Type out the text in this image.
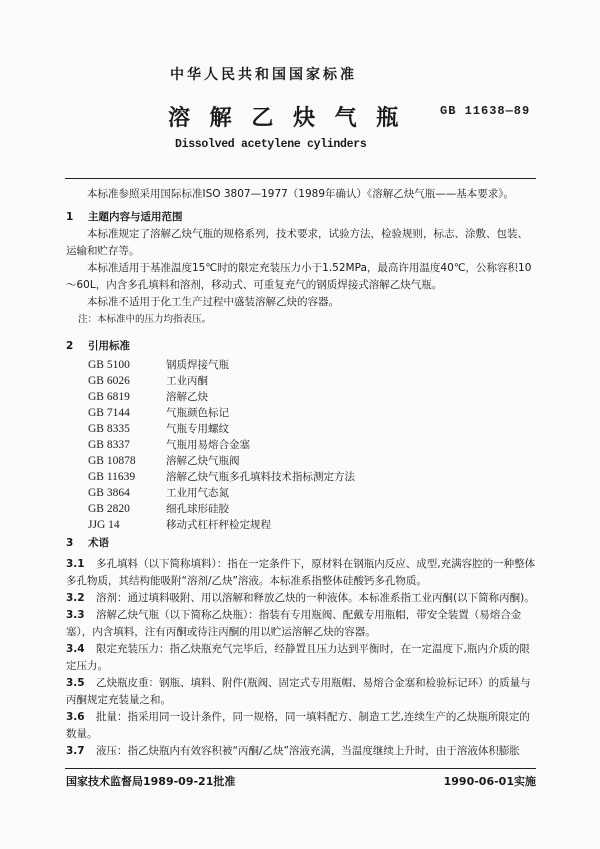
中华人民共和国国家标准
溶 解 乙 炔 气 瓶	GB 11638—89
Dissolved acetylene cylinders

本标准参照采用国际标准ISO 3807—1977（1989年确认）《溶解乙炔气瓶——基本要求》。

1 主题内容与适用范围

本标准规定了溶解乙炔气瓶的规格系列，技术要求，试验方法，检验规则，标志、涂敷、包装、运输和贮存等。

本标准适用于基准温度15℃时的限定充装压力小于1.52MPa，最高许用温度40℃，公称容积10～60L，内含多孔填料和溶剂，移动式、可重复充气的钢质焊接式溶解乙炔气瓶。

本标准不适用于化工生产过程中盛装溶解乙炔的容器。

注：本标准中的压力均指表压。

2 引用标准

GB 5100	钢质焊接气瓶
GB 6026	工业丙酮
GB 6819	溶解乙炔
GB 7144	气瓶颜色标记
GB 8335	气瓶专用螺纹
GB 8337	气瓶用易熔合金塞
GB 10878	溶解乙炔气瓶阀
GB 11639	溶解乙炔气瓶多孔填料技术指标测定方法
GB 3864	工业用气态氮
GB 2820	细孔球形硅胶
JJG 14	移动式杠杆秤检定规程

3 术语

3.1 多孔填料（以下简称填料）：指在一定条件下，原材料在钢瓶内反应、成型,充满容腔的一种整体多孔物质，其结构能吸附“溶剂/乙炔”溶液。本标准系指整体硅酸钙多孔物质。

3.2 溶剂：通过填料吸附、用以溶解和释放乙炔的一种液体。本标准系指工业丙酮(以下简称丙酮)。

3.3 溶解乙炔气瓶（以下简称乙炔瓶）：指装有专用瓶阀、配戴专用瓶帽，带安全装置（易熔合金塞），内含填料，注有丙酮或待注丙酮的用以贮运溶解乙炔的容器。

3.4 限定充装压力：指乙炔瓶充气完毕后，经静置且压力达到平衡时，在一定温度下,瓶内介质的限定压力。

3.5 乙炔瓶皮重：钢瓶、填料、附件(瓶阀、固定式专用瓶帽、易熔合金塞和检验标记环）的质量与丙酮规定充装量之和。

3.6 批量：指采用同一设计条件，同一规格，同一填料配方、制造工艺,连续生产的乙炔瓶所限定的数量。

3.7 液压：指乙炔瓶内有效容积被“丙酮/乙炔”溶液充满，当温度继续上升时，由于溶液体积膨胀

国家技术监督局1989-09-21批准	1990-06-01实施
